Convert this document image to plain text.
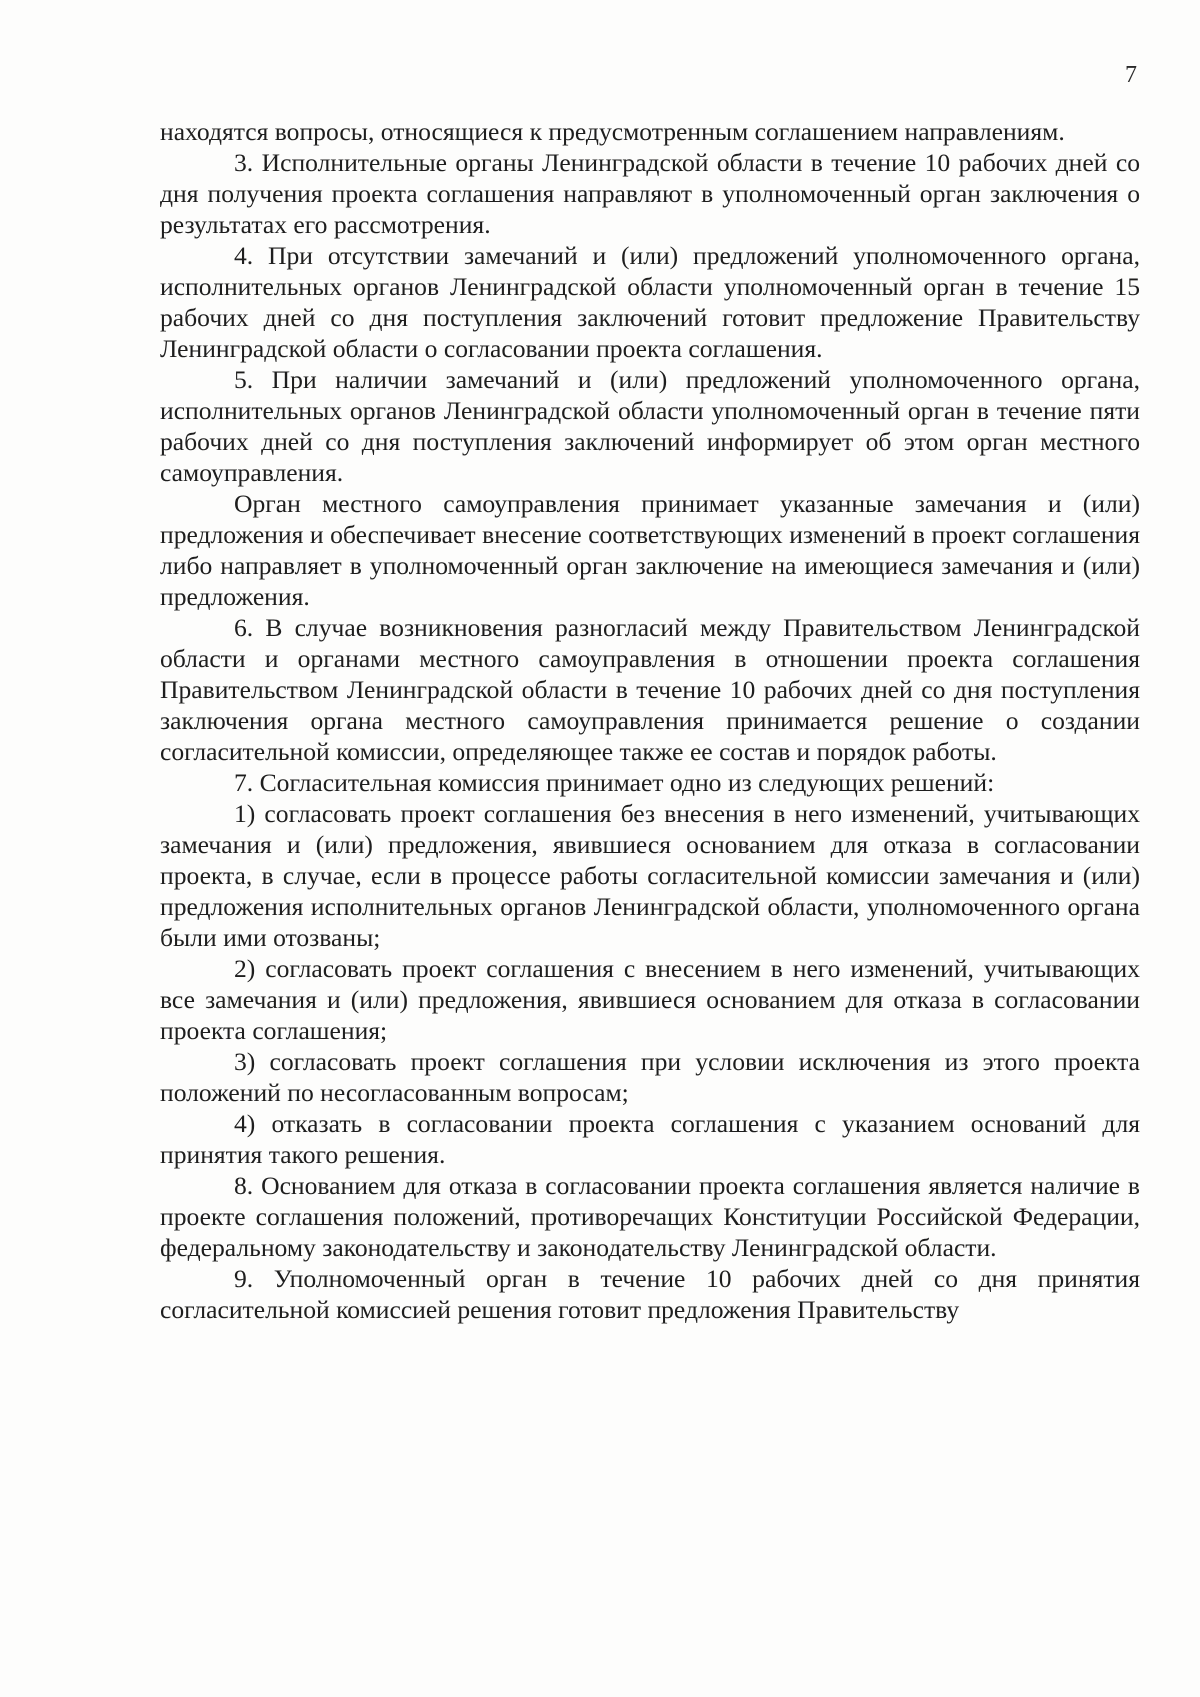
7

находятся вопросы, относящиеся к предусмотренным соглашением направлениям.

3. Исполнительные органы Ленинградской области в течение 10 рабочих дней со дня получения проекта соглашения направляют в уполномоченный орган заключения о результатах его рассмотрения.

4. При отсутствии замечаний и (или) предложений уполномоченного органа, исполнительных органов Ленинградской области уполномоченный орган в течение 15 рабочих дней со дня поступления заключений готовит предложение Правительству Ленинградской области о согласовании проекта соглашения.

5. При наличии замечаний и (или) предложений уполномоченного органа, исполнительных органов Ленинградской области уполномоченный орган в течение пяти рабочих дней со дня поступления заключений информирует об этом орган местного самоуправления.

Орган местного самоуправления принимает указанные замечания и (или) предложения и обеспечивает внесение соответствующих изменений в проект соглашения либо направляет в уполномоченный орган заключение на имеющиеся замечания и (или) предложения.

6. В случае возникновения разногласий между Правительством Ленинградской области и органами местного самоуправления в отношении проекта соглашения Правительством Ленинградской области в течение 10 рабочих дней со дня поступления заключения органа местного самоуправления принимается решение о создании согласительной комиссии, определяющее также ее состав и порядок работы.

7. Согласительная комиссия принимает одно из следующих решений:

1) согласовать проект соглашения без внесения в него изменений, учитывающих замечания и (или) предложения, явившиеся основанием для отказа в согласовании проекта, в случае, если в процессе работы согласительной комиссии замечания и (или) предложения исполнительных органов Ленинградской области, уполномоченного органа были ими отозваны;

2) согласовать проект соглашения с внесением в него изменений, учитывающих все замечания и (или) предложения, явившиеся основанием для отказа в согласовании проекта соглашения;

3) согласовать проект соглашения при условии исключения из этого проекта положений по несогласованным вопросам;

4) отказать в согласовании проекта соглашения с указанием оснований для принятия такого решения.

8. Основанием для отказа в согласовании проекта соглашения является наличие в проекте соглашения положений, противоречащих Конституции Российской Федерации, федеральному законодательству и законодательству Ленинградской области.

9. Уполномоченный орган в течение 10 рабочих дней со дня принятия согласительной комиссией решения готовит предложения Правительству
